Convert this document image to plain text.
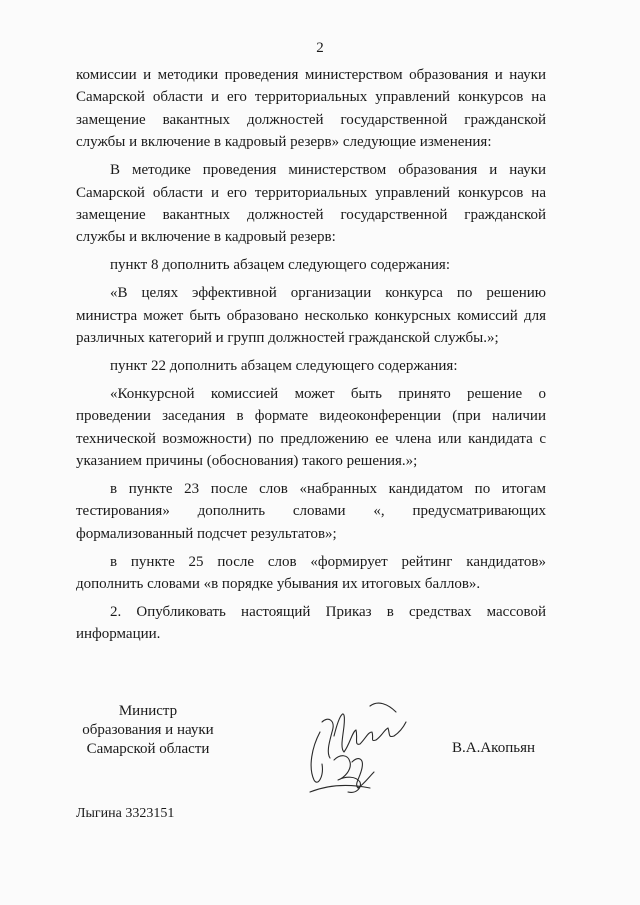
2

комиссии и методики проведения министерством образования и науки Самарской области и его территориальных управлений конкурсов на замещение вакантных должностей государственной гражданской службы и включение в кадровый резерв» следующие изменения:

В методике проведения министерством образования и науки Самарской области и его территориальных управлений конкурсов на замещение вакантных должностей государственной гражданской службы и включение в кадровый резерв:

пункт 8 дополнить абзацем следующего содержания:

«В целях эффективной организации конкурса по решению министра может быть образовано несколько конкурсных комиссий для различных категорий и групп должностей гражданской службы.»;

пункт 22 дополнить абзацем следующего содержания:

«Конкурсной комиссией может быть принято решение о проведении заседания в формате видеоконференции (при наличии технической возможности) по предложению ее члена или кандидата с указанием причины (обоснования) такого решения.»;

в пункте 23 после слов «набранных кандидатом по итогам тестирования» дополнить словами «, предусматривающих формализованный подсчет результатов»;

в пункте 25 после слов «формирует рейтинг кандидатов» дополнить словами «в порядке убывания их итоговых баллов».

2. Опубликовать настоящий Приказ в средствах массовой информации.

Министр
образования и науки
Самарской области	В.А.Акопьян
Лыгина 3323151
